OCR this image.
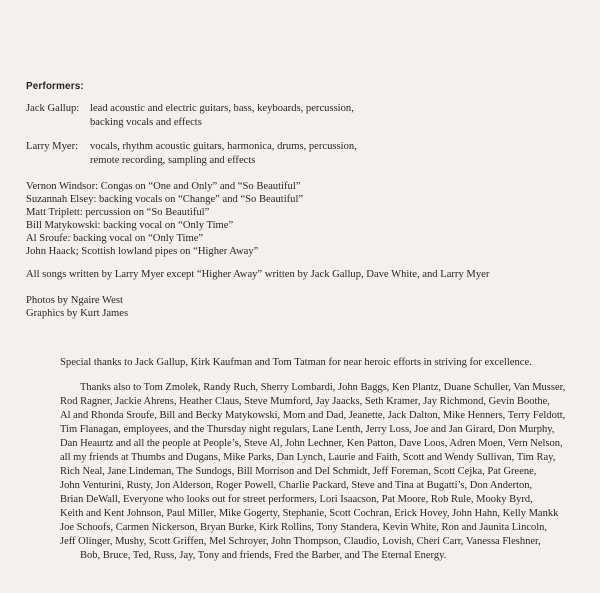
Performers:
Jack Gallup: lead acoustic and electric guitars, bass, keyboards, percussion,
backing vocals and effects
Larry Myer: vocals, rhythm acoustic guitars, harmonica, drums, percussion,
remote recording, sampling and effects
Vernon Windsor: Congas on “One and Only” and “So Beautiful”
Suzannah Elsey: backing vocals on “Change” and “So Beautiful”
Matt Triplett: percussion on “So Beautiful”
Bill Matykowski: backing vocal on “Only Time”
Al Sroufe: backing vocal on “Only Time”
John Haack; Scottish lowland pipes on “Higher Away”
All songs written by Larry Myer except “Higher Away” written by Jack Gallup, Dave White, and Larry Myer
Photos by Ngaire West
Graphics by Kurt James
Special thanks to Jack Gallup, Kirk Kaufman and Tom Tatman for near heroic efforts in striving for excellence.
Thanks also to Tom Zmolek, Randy Ruch, Sherry Lombardi, John Baggs, Ken Plantz, Duane Schuller, Van Musser,
Rod Ragner, Jackie Ahrens, Heather Claus, Steve Mumford, Jay Jaacks, Seth Kramer, Jay Richmond, Gevin Boothe,
Al and Rhonda Sroufe, Bill and Becky Matykowski, Mom and Dad, Jeanette, Jack Dalton, Mike Henners, Terry Feldott,
Tim Flanagan, employees, and the Thursday night regulars, Lane Lenth, Jerry Loss, Joe and Jan Girard, Don Murphy,
Dan Heaurtz and all the people at People’s, Steve Al, John Lechner, Ken Patton, Dave Loos, Adren Moen, Vern Nelson,
all my friends at Thumbs and Dugans, Mike Parks, Dan Lynch, Laurie and Faith, Scott and Wendy Sullivan, Tim Ray,
Rich Neal, Jane Lindeman, The Sundogs, Bill Morrison and Del Schmidt, Jeff Foreman, Scott Cejka, Pat Greene,
John Venturini, Rusty, Jon Alderson, Roger Powell, Charlie Packard, Steve and Tina at Bugatti’s, Don Anderton,
Brian DeWall, Everyone who looks out for street performers, Lori Isaacson, Pat Moore, Rob Rule, Mooky Byrd,
Keith and Kent Johnson, Paul Miller, Mike Gogerty, Stephanie, Scott Cochran, Erick Hovey, John Hahn, Kelly Mankk
Joe Schoofs, Carmen Nickerson, Bryan Burke, Kirk Rollins, Tony Standera, Kevin White, Ron and Jaunita Lincoln,
Jeff Olinger, Mushy, Scott Griffen, Mel Schroyer, John Thompson, Claudio, Lovish, Cheri Carr, Vanessa Fleshner,
Bob, Bruce, Ted, Russ, Jay, Tony and friends, Fred the Barber, and The Eternal Energy.
